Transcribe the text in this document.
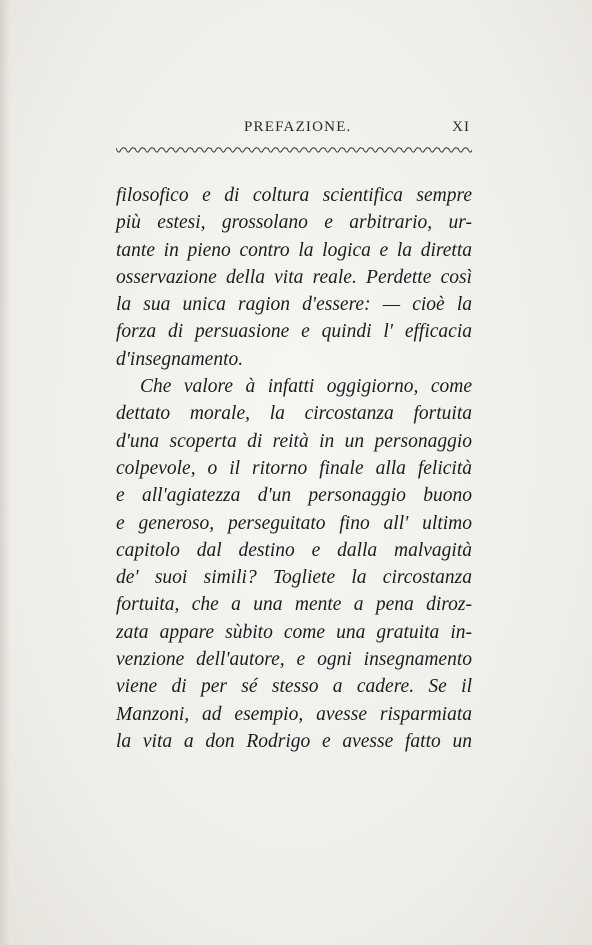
PREFAZIONE.	XI
filosofico e di coltura scientifica sempre
più estesi, grossolano e arbitrario, ur-
tante in pieno contro la logica e la diretta
osservazione della vita reale. Perdette così
la sua unica ragion d'essere: — cioè la
forza di persuasione e quindi l' efficacia
d'insegnamento.
Che valore à infatti oggigiorno, come
dettato morale, la circostanza fortuita
d'una scoperta di reità in un personaggio
colpevole, o il ritorno finale alla felicità
e all'agiatezza d'un personaggio buono
e generoso, perseguitato fino all' ultimo
capitolo dal destino e dalla malvagità
de' suoi simili? Togliete la circostanza
fortuita, che a una mente a pena diroz-
zata appare sùbito come una gratuita in-
venzione dell'autore, e ogni insegnamento
viene di per sé stesso a cadere. Se il
Manzoni, ad esempio, avesse risparmiata
la vita a don Rodrigo e avesse fatto un
